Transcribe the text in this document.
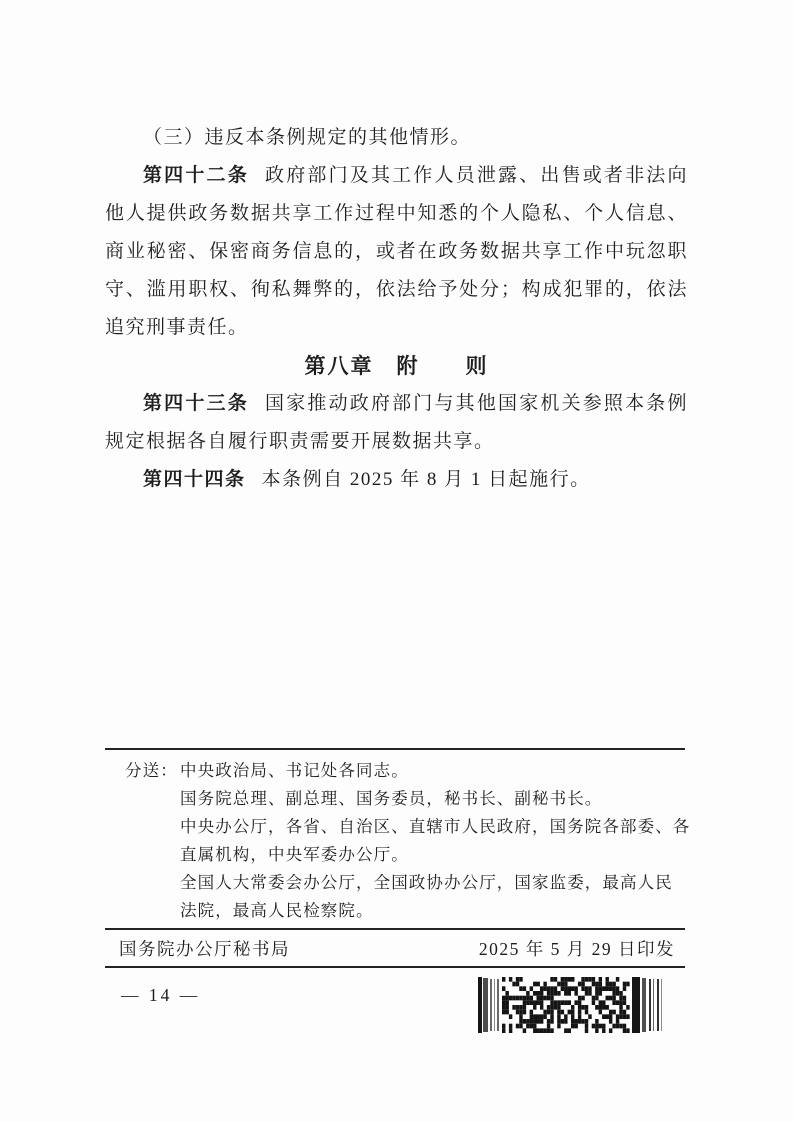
（三）违反本条例规定的其他情形。

第四十二条 政府部门及其工作人员泄露、出售或者非法向

他人提供政务数据共享工作过程中知悉的个人隐私、个人信息、

商业秘密、保密商务信息的，或者在政务数据共享工作中玩忽职

守、滥用职权、徇私舞弊的，依法给予处分；构成犯罪的，依法

追究刑事责任。

第八章　附　　则

第四十三条 国家推动政府部门与其他国家机关参照本条例

规定根据各自履行职责需要开展数据共享。

第四十四条 本条例自 2025 年 8 月 1 日起施行。

分送： 中央政治局、书记处各同志。
国务院总理、副总理、国务委员，秘书长、副秘书长。
中央办公厅，各省、自治区、直辖市人民政府，国务院各部委、各
直属机构，中央军委办公厅。
全国人大常委会办公厅，全国政协办公厅，国家监委，最高人民
法院，最高人民检察院。
国务院办公厅秘书局	2025 年 5 月 29 日印发
— 14 —
